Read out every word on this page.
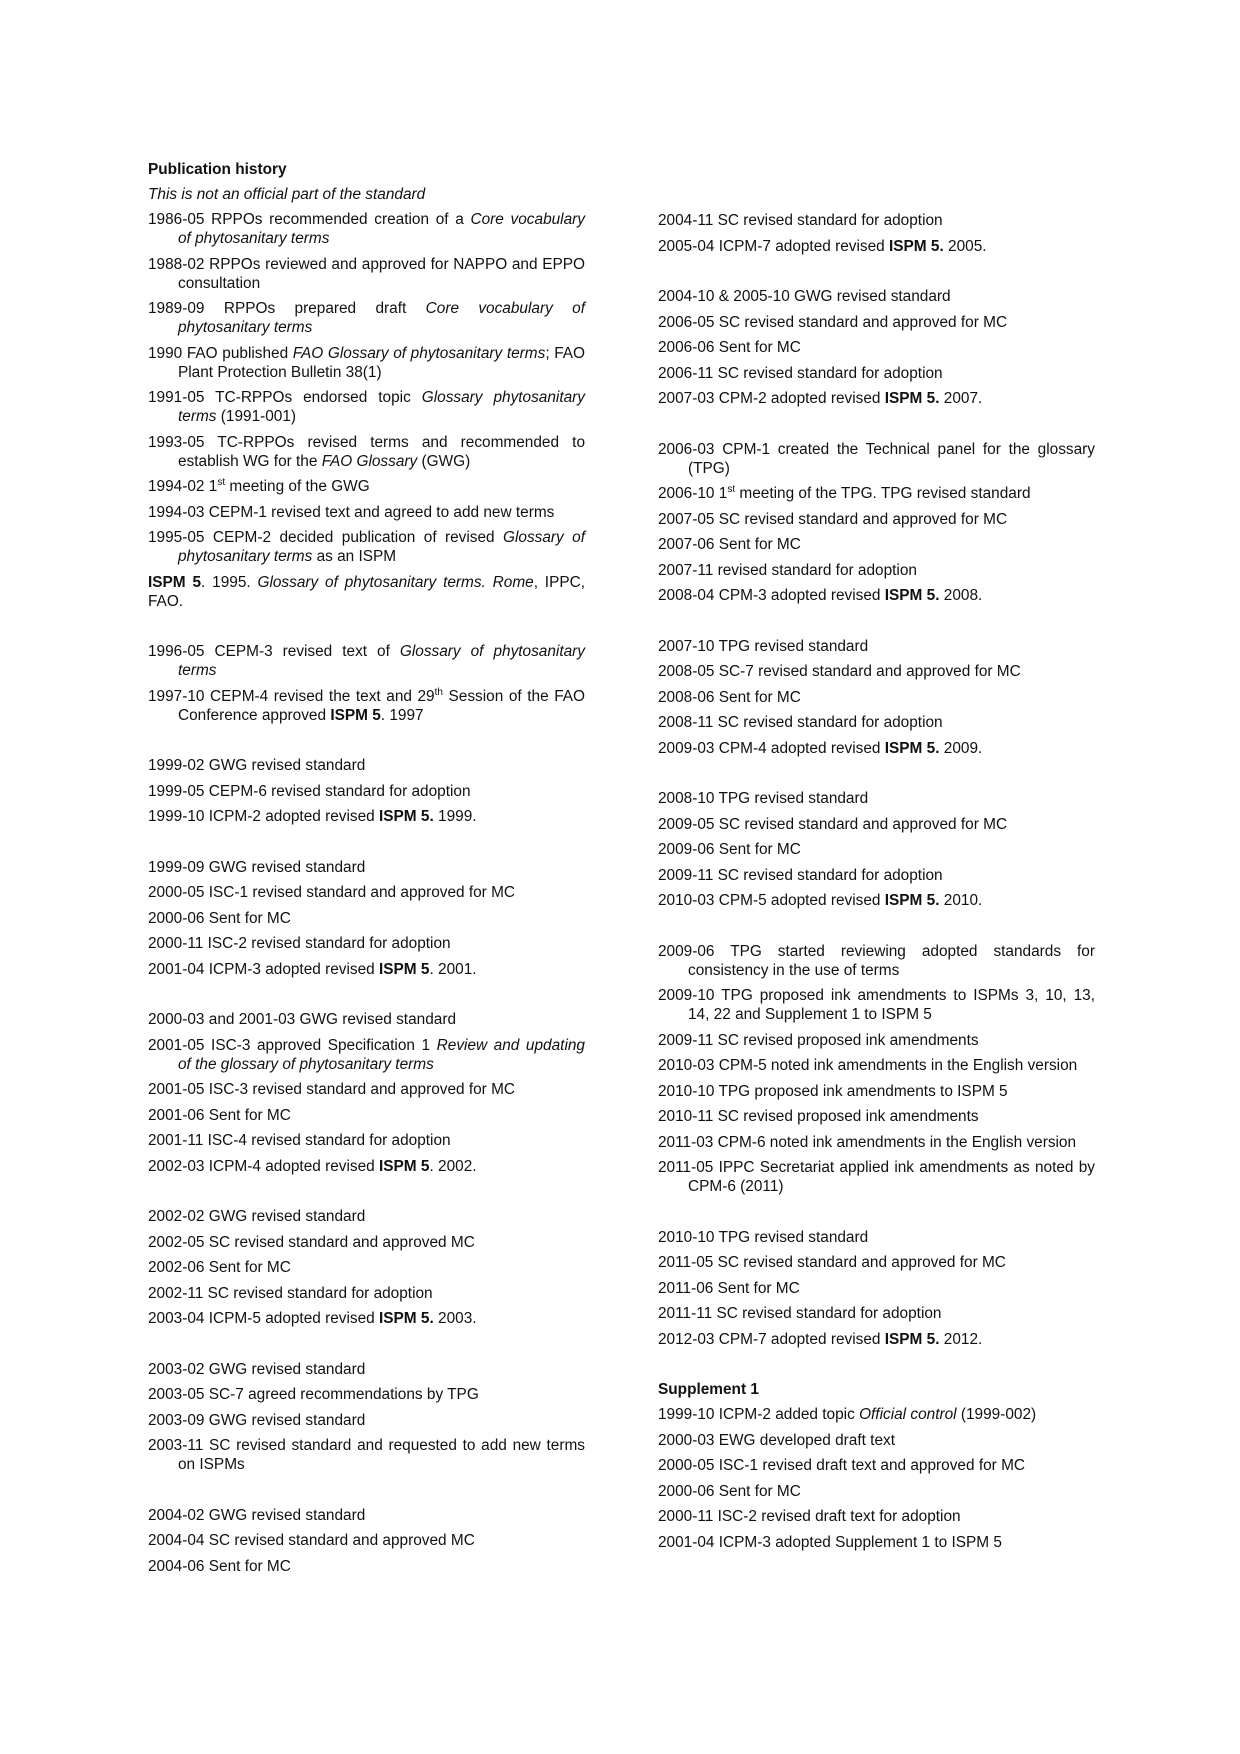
Publication history
This is not an official part of the standard
1986-05 RPPOs recommended creation of a Core vocabulary of phytosanitary terms
1988-02 RPPOs reviewed and approved for NAPPO and EPPO consultation
1989-09 RPPOs prepared draft Core vocabulary of phytosanitary terms
1990 FAO published FAO Glossary of phytosanitary terms; FAO Plant Protection Bulletin 38(1)
1991-05 TC-RPPOs endorsed topic Glossary phytosanitary terms (1991-001)
1993-05 TC-RPPOs revised terms and recommended to establish WG for the FAO Glossary (GWG)
1994-02 1st meeting of the GWG
1994-03 CEPM-1 revised text and agreed to add new terms
1995-05 CEPM-2 decided publication of revised Glossary of phytosanitary terms as an ISPM
ISPM 5. 1995. Glossary of phytosanitary terms. Rome, IPPC, FAO.
1996-05 CEPM-3 revised text of Glossary of phytosanitary terms
1997-10 CEPM-4 revised the text and 29th Session of the FAO Conference approved ISPM 5. 1997
1999-02 GWG revised standard
1999-05 CEPM-6 revised standard for adoption
1999-10 ICPM-2 adopted revised ISPM 5. 1999.
1999-09 GWG revised standard
2000-05 ISC-1 revised standard and approved for MC
2000-06 Sent for MC
2000-11 ISC-2 revised standard for adoption
2001-04 ICPM-3 adopted revised ISPM 5. 2001.
2000-03 and 2001-03 GWG revised standard
2001-05 ISC-3 approved Specification 1 Review and updating of the glossary of phytosanitary terms
2001-05 ISC-3 revised standard and approved for MC
2001-06 Sent for MC
2001-11 ISC-4 revised standard for adoption
2002-03 ICPM-4 adopted revised ISPM 5. 2002.
2002-02 GWG revised standard
2002-05 SC revised standard and approved MC
2002-06 Sent for MC
2002-11 SC revised standard for adoption
2003-04 ICPM-5 adopted revised ISPM 5. 2003.
2003-02 GWG revised standard
2003-05 SC-7 agreed recommendations by TPG
2003-09 GWG revised standard
2003-11 SC revised standard and requested to add new terms on ISPMs
2004-02 GWG revised standard
2004-04 SC revised standard and approved MC
2004-06 Sent for MC
2004-11 SC revised standard for adoption
2005-04 ICPM-7 adopted revised ISPM 5. 2005.
2004-10 & 2005-10 GWG revised standard
2006-05 SC revised standard and approved for MC
2006-06 Sent for MC
2006-11 SC revised standard for adoption
2007-03 CPM-2 adopted revised ISPM 5. 2007.
2006-03 CPM-1 created the Technical panel for the glossary (TPG)
2006-10 1st meeting of the TPG. TPG revised standard
2007-05 SC revised standard and approved for MC
2007-06 Sent for MC
2007-11 revised standard for adoption
2008-04 CPM-3 adopted revised ISPM 5. 2008.
2007-10 TPG revised standard
2008-05 SC-7 revised standard and approved for MC
2008-06 Sent for MC
2008-11 SC revised standard for adoption
2009-03 CPM-4 adopted revised ISPM 5. 2009.
2008-10 TPG revised standard
2009-05 SC revised standard and approved for MC
2009-06 Sent for MC
2009-11 SC revised standard for adoption
2010-03 CPM-5 adopted revised ISPM 5. 2010.
2009-06 TPG started reviewing adopted standards for consistency in the use of terms
2009-10 TPG proposed ink amendments to ISPMs 3, 10, 13, 14, 22 and Supplement 1 to ISPM 5
2009-11 SC revised proposed ink amendments
2010-03 CPM-5 noted ink amendments in the English version
2010-10 TPG proposed ink amendments to ISPM 5
2010-11 SC revised proposed ink amendments
2011-03 CPM-6 noted ink amendments in the English version
2011-05 IPPC Secretariat applied ink amendments as noted by CPM-6 (2011)
2010-10 TPG revised standard
2011-05 SC revised standard and approved for MC
2011-06 Sent for MC
2011-11 SC revised standard for adoption
2012-03 CPM-7 adopted revised ISPM 5. 2012.
Supplement 1
1999-10 ICPM-2 added topic Official control (1999-002)
2000-03 EWG developed draft text
2000-05 ISC-1 revised draft text and approved for MC
2000-06 Sent for MC
2000-11 ISC-2 revised draft text for adoption
2001-04 ICPM-3 adopted Supplement 1 to ISPM 5
